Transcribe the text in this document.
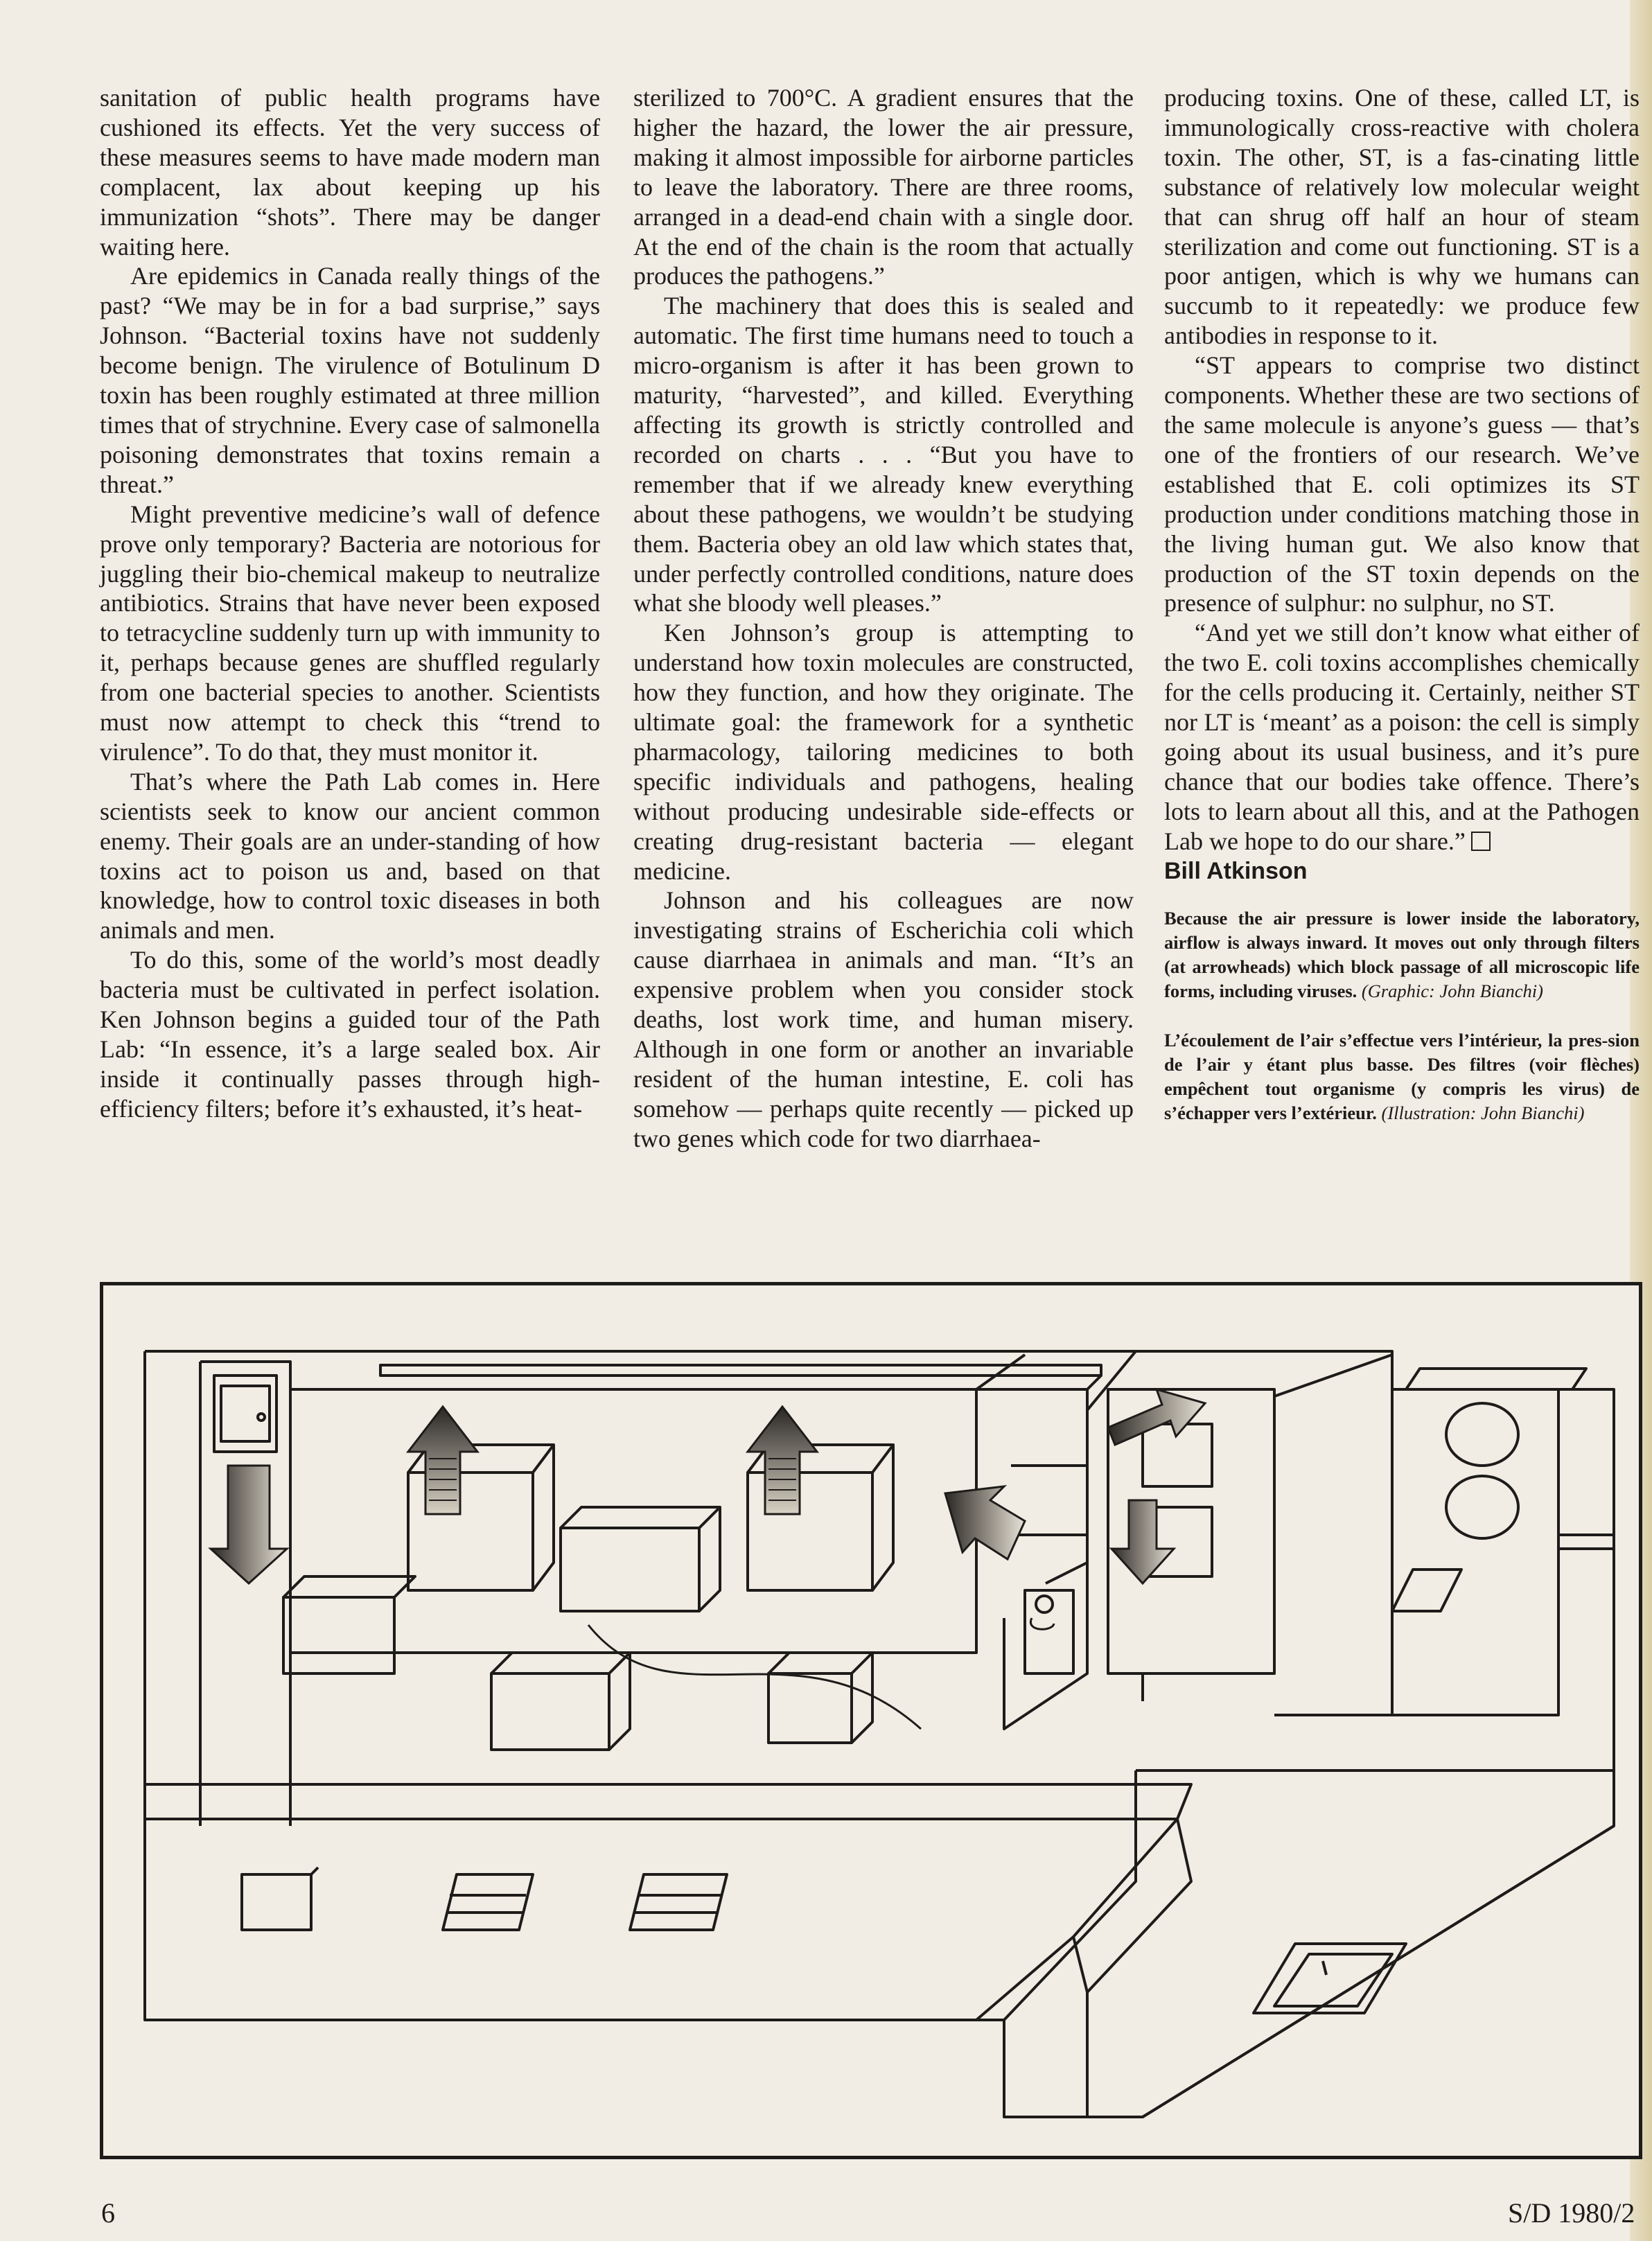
sanitation of public health programs have cushioned its effects. Yet the very success of these measures seems to have made modern man complacent, lax about keeping up his immunization “shots”. There may be danger waiting here.

Are epidemics in Canada really things of the past? “We may be in for a bad surprise,” says Johnson. “Bacterial toxins have not suddenly become benign. The virulence of Botulinum D toxin has been roughly estimated at three million times that of strychnine. Every case of salmonella poisoning demonstrates that toxins remain a threat.”

Might preventive medicine’s wall of defence prove only temporary? Bacteria are notorious for juggling their bio-chemical makeup to neutralize antibiotics. Strains that have never been exposed to tetracycline suddenly turn up with immunity to it, perhaps because genes are shuffled regularly from one bacterial species to another. Scientists must now attempt to check this “trend to virulence”. To do that, they must monitor it.

That’s where the Path Lab comes in. Here scientists seek to know our ancient common enemy. Their goals are an under-standing of how toxins act to poison us and, based on that knowledge, how to control toxic diseases in both animals and men.

To do this, some of the world’s most deadly bacteria must be cultivated in perfect isolation. Ken Johnson begins a guided tour of the Path Lab: “In essence, it’s a large sealed box. Air inside it continually passes through high-efficiency filters; before it’s exhausted, it’s heat-

sterilized to 700°C. A gradient ensures that the higher the hazard, the lower the air pressure, making it almost impossible for airborne particles to leave the laboratory. There are three rooms, arranged in a dead-end chain with a single door. At the end of the chain is the room that actually produces the pathogens.”

The machinery that does this is sealed and automatic. The first time humans need to touch a micro-organism is after it has been grown to maturity, “harvested”, and killed. Everything affecting its growth is strictly controlled and recorded on charts . . . “But you have to remember that if we already knew everything about these pathogens, we wouldn’t be studying them. Bacteria obey an old law which states that, under perfectly controlled conditions, nature does what she bloody well pleases.”

Ken Johnson’s group is attempting to understand how toxin molecules are constructed, how they function, and how they originate. The ultimate goal: the framework for a synthetic pharmacology, tailoring medicines to both specific individuals and pathogens, healing without producing undesirable side-effects or creating drug-resistant bacteria — elegant medicine.

Johnson and his colleagues are now investigating strains of Escherichia coli which cause diarrhaea in animals and man. “It’s an expensive problem when you consider stock deaths, lost work time, and human misery. Although in one form or another an invariable resident of the human intestine, E. coli has somehow — perhaps quite recently — picked up two genes which code for two diarrhaea-

producing toxins. One of these, called LT, is immunologically cross-reactive with cholera toxin. The other, ST, is a fas-cinating little substance of relatively low molecular weight that can shrug off half an hour of steam sterilization and come out functioning. ST is a poor antigen, which is why we humans can succumb to it repeatedly: we produce few antibodies in response to it.

“ST appears to comprise two distinct components. Whether these are two sections of the same molecule is anyone’s guess — that’s one of the frontiers of our research. We’ve established that E. coli optimizes its ST production under conditions matching those in the living human gut. We also know that production of the ST toxin depends on the presence of sulphur: no sulphur, no ST.

“And yet we still don’t know what either of the two E. coli toxins accomplishes chemically for the cells producing it. Certainly, neither ST nor LT is ‘meant’ as a poison: the cell is simply going about its usual business, and it’s pure chance that our bodies take offence. There’s lots to learn about all this, and at the Pathogen Lab we hope to do our share.”

Bill Atkinson
Because the air pressure is lower inside the laboratory, airflow is always inward. It moves out only through filters (at arrowheads) which block passage of all microscopic life forms, including viruses. (Graphic: John Bianchi)
L’écoulement de l’air s’effectue vers l’intérieur, la pres-sion de l’air y étant plus basse. Des filtres (voir flèches) empêchent tout organisme (y compris les virus) de s’échapper vers l’extérieur. (Illustration: John Bianchi)
6	S/D 1980/2
